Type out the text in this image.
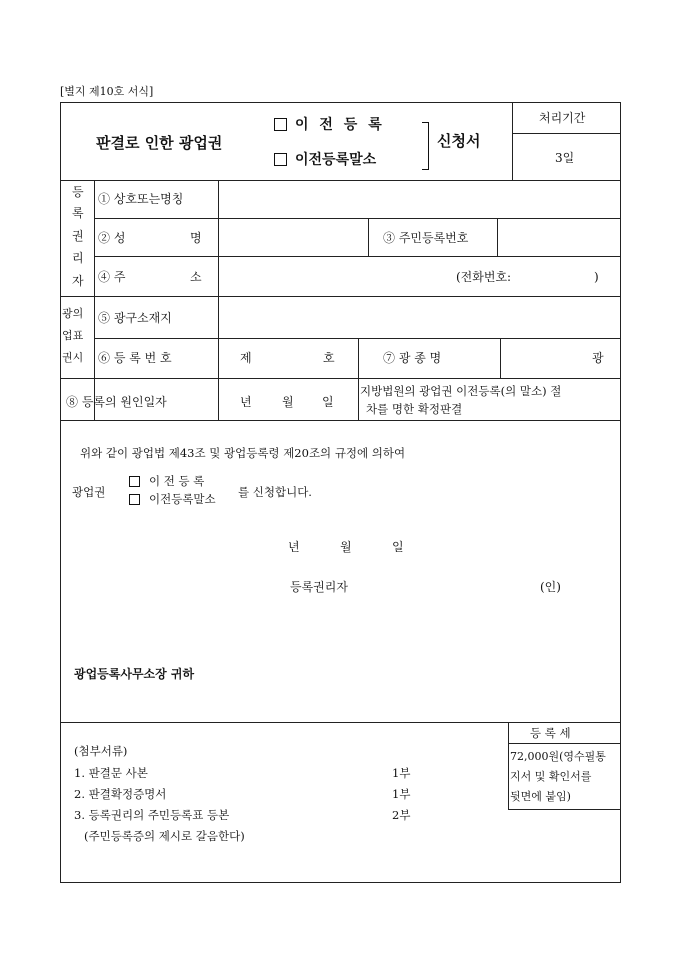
[별지 제10호 서식]
판결로 인한 광업권
이 전 등 록
이전등록말소
신청서
처리기간
3일
등
록
권
리
자
① 상호또는명칭
② 성	명	③ 주민등록번호
④ 주	소	(전화번호:	)
광의
업표
권시
⑤ 광구소재지
⑥ 등 록 번 호	제	호	⑦ 광 종 명	광
⑧ 등록의 원인일자	년	월 일
지방법원의 광업권 이전등록(의 말소) 절
차를 명한 확정판결
위와 같이 광업법 제43조 및 광업등록령 제20조의 규정에 의하여
광업권
이 전 등 록
이전등록말소 를 신청합니다.
년	월	일
등록권리자	(인)
광업등록사무소장 귀하
등 록 세
72,000원(영수필통
지서 및 확인서를
뒷면에 붙임)
(첨부서류)
1. 판결문 사본	1부
2. 판결확정증명서	1부
3. 등록권리의 주민등록표 등본	2부
(주민등록증의 제시로 갈음한다)
